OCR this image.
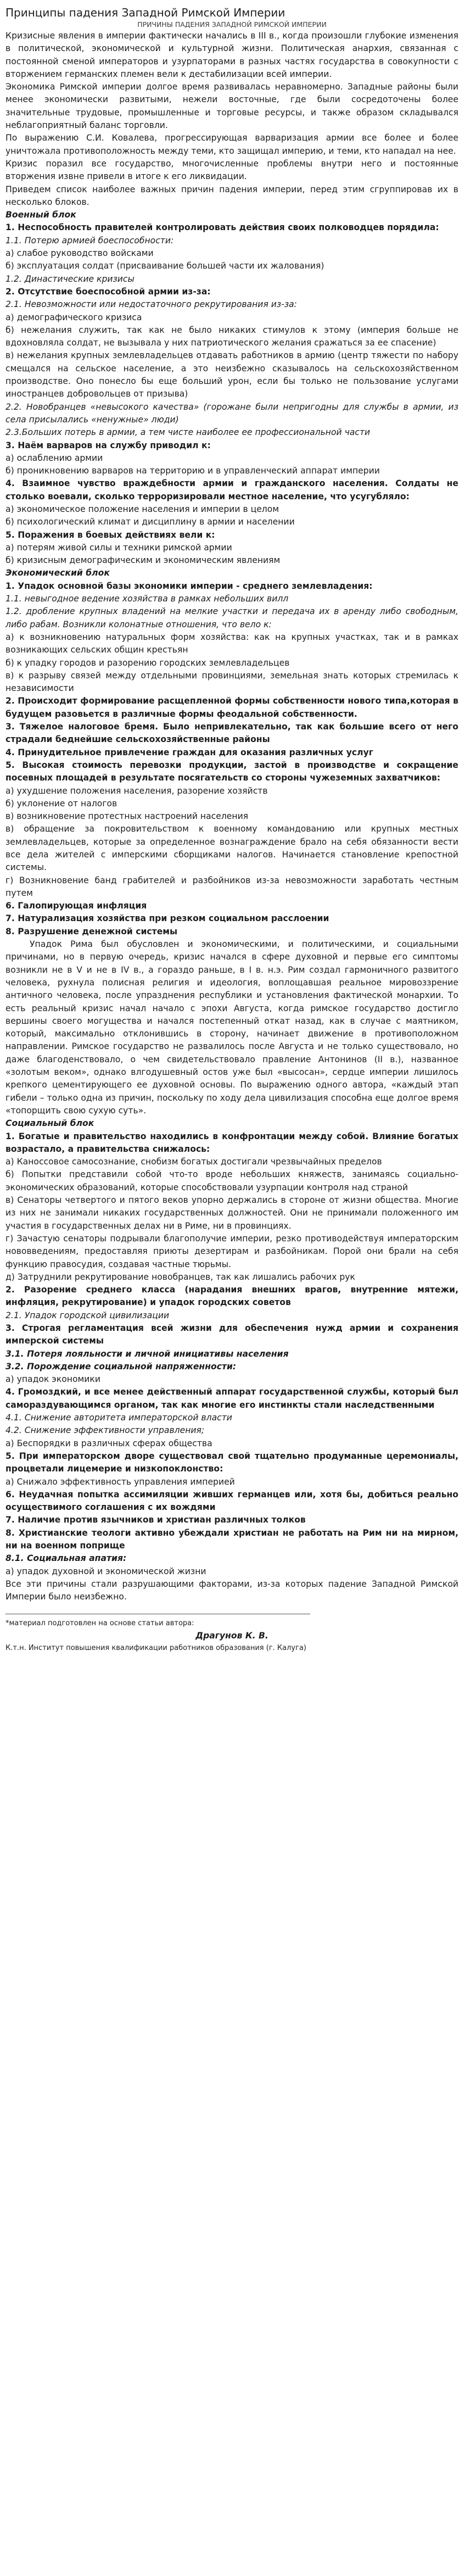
Принципы падения Западной Римской Империи

ПРИЧИНЫ ПАДЕНИЯ ЗАПАДНОЙ РИМСКОЙ ИМПЕРИИ

Кризисные явления в империи фактически начались в III в., когда произошли глубокие изменения в политической, экономической и культурной жизни. Политическая анархия, связанная с постоянной сменой императоров и узурпаторами в разных частях государства в совокупности с вторжением германских племен вели к дестабилизации всей империи.

Экономика Римской империи долгое время развивалась неравномерно. Западные районы были менее экономически развитыми, нежели восточные, где были сосредоточены более значительные трудовые, промышленные и торговые ресурсы, и также образом складывался неблагоприятный баланс торговли.

По выражению С.И. Ковалева, прогрессирующая варваризация армии все более и более уничтожала противоположность между теми, кто защищал империю, и теми, кто нападал на нее.

Кризис поразил все государство, многочисленные проблемы внутри него и постоянные вторжения извне привели в итоге к его ликвидации.

Приведем список наиболее важных причин падения империи, перед этим сгруппировав их в несколько блоков.

Военный блок

1. Неспособность правителей контролировать действия своих полководцев порядила:

1.1. Потерю армией боеспособности:

а) слабое руководство войсками

б) эксплуатация солдат (присваивание большей части их жалования)

1.2. Династические кризисы

2. Отсутствие боеспособной армии из-за:

2.1. Невозможности или недостаточного рекрутирования из-за:

а) демографического кризиса

б) нежелания служить, так как не было никаких стимулов к этому (империя больше не вдохновляла солдат, не вызывала у них патриотического желания сражаться за ее спасение)

в) нежелания крупных землевладельцев отдавать работников в армию (центр тяжести по набору смещался на сельское население, а это неизбежно сказывалось на сельскохозяйственном производстве. Оно понесло бы еще больший урон, если бы только не пользование услугами иностранцев добровольцев от призыва)

2.2. Новобранцев «невысокого качества» (горожане были непригодны для службы в армии, из села присылались «ненужные» люди)

2.3.Больших потерь в армии, а тем чисте наиболее ее профессиональной части

3. Наём варваров на службу приводил к:

а) ослаблению армии

б) проникновению варваров на территорию и в управленческий аппарат империи

4. Взаимное чувство враждебности армии и гражданского населения. Солдаты не столько воевали, сколько терроризировали местное население, что усугубляло:

а) экономическое положение населения и империи в целом

б) психологический климат и дисциплину в армии и населении

5. Поражения в боевых действиях вели к:

а) потерям живой силы и техники римской армии

б) кризисным демографическим и экономическим явлениям

Экономический блок

1. Упадок основной базы экономики империи - среднего землевладения:

1.1. невыгодное ведение хозяйства в рамках небольших вилл

1.2. дробление крупных владений на мелкие участки и передача их в аренду либо свободным, либо рабам. Возникли колонатные отношения, что вело к:

а) к возникновению натуральных форм хозяйства: как на крупных участках, так и в рамках возникающих сельских общин крестьян

б) к упадку городов и разорению городских землевладельцев

в) к разрыву связей между отдельными провинциями, земельная знать которых стремилась к независимости

2. Происходит формирование расщепленной формы собственности нового типа,которая в будущем разовьется в различные формы феодальной собственности.

3. Тяжелое налоговое бремя. Было непривлекательно, так как большие всего от него страдали беднейшие сельскохозяйственные районы

4. Принудительное привлечение граждан для оказания различных услуг

5. Высокая стоимость перевозки продукции, застой в производстве и сокращение посевных площадей в результате посягательств со стороны чужеземных захватчиков:

а) ухудшение положения населения, разорение хозяйств

б) уклонение от налогов

в) возникновение протестных настроений населения

в) обращение за покровительством к военному командованию или крупных местных землевладельцев, которые за определенное вознаграждение брало на себя обязанности вести все дела жителей с имперскими сборщиками налогов. Начинается становление крепостной системы.

г) Возникновение банд грабителей и разбойников из-за невозможности заработать честным путем

6. Галопирующая инфляция

7. Натурализация хозяйства при резком социальном расслоении

8. Разрушение денежной системы

Упадок Рима был обусловлен и экономическими, и политическими, и социальными причинами, но в первую очередь, кризис начался в сфере духовной и первые его симптомы возникли не в V и не в IV в., а гораздо раньше, в I в. н.э. Рим создал гармоничного развитого человека, рухнула полисная религия и идеология, воплощавшая реальное мировоззрение античного человека, после упразднения республики и установления фактической монархии. То есть реальный кризис начал начало с эпохи Августа, когда римское государство достигло вершины своего могущества и начался постепенный откат назад, как в случае с маятником, который, максимально отклонившись в сторону, начинает движение в противоположном направлении. Римское государство не развалилось после Августа и не только существовало, но даже благоденствовало, о чем свидетельствовало правление Антонинов (II в.), названное «золотым веком», однако влгодушевный остов уже был «высосан», сердце империи лишилось крепкого цементирующего ее духовной основы. По выражению одного автора, «каждый этап гибели – только одна из причин, поскольку по ходу дела цивилизация способна еще долгое время «топорщить свою сухую суть».

Социальный блок

1. Богатые и правительство находились в конфронтации между собой. Влияние богатых возрастало, а правительства снижалось:

а) Каноссовое самосознание, снобизм богатых достигали чрезвычайных пределов

б) Попытки представили собой что-то вроде небольших княжеств, занимаясь социально-экономических образований, которые способствовали узурпации контроля над страной

в) Сенаторы четвертого и пятого веков упорно держались в стороне от жизни общества. Многие из них не занимали никаких государственных должностей. Они не принимали положенного им участия в государственных делах ни в Риме, ни в провинциях.

г) Зачастую сенаторы подрывали благополучие империи, резко противодействуя императорским нововведениям, предоставляя приюты дезертирам и разбойникам. Порой они брали на себя функцию правосудия, создавая частные тюрьмы.

д) Затруднили рекрутирование новобранцев, так как лишались рабочих рук

2. Разорение среднего класса (нарадания внешних врагов, внутренние мятежи, инфляция, рекрутирование) и упадок городских советов

2.1. Упадок городской цивилизации

3. Строгая регламентация всей жизни для обеспечения нужд армии и сохранения имперской системы

3.1. Потеря лояльности и личной инициативы населения

3.2. Порождение социальной напряженности:

а) упадок экономики

4. Громоздкий, и все менее действенный аппарат государственной службы, который был самораздувающимся органом, так как многие его инстинкты стали наследственными

4.1. Снижение авторитета императорской власти

4.2. Снижение эффективности управления;

а) Беспорядки в различных сферах общества

5. При императорском дворе существовал свой тщательно продуманные церемониалы, процветали лицемерие и низкопоклонство:

а) Снижало эффективность управления империей

6. Неудачная попытка ассимиляции живших германцев или, хотя бы, добиться реально осуществимого соглашения с их вождями

7. Наличие против язычников и христиан различных толков

8. Христианские теологи активно убеждали христиан не работать на Рим ни на мирном, ни на военном поприще

8.1. Социальная апатия:

а) упадок духовной и экономической жизни

Все эти причины стали разрушающими факторами, из-за которых падение Западной Римской Империи было неизбежно.

*материал подготовлен на основе статьи автора:

Драгунов К. В.

К.т.н. Институт повышения квалификации работников образования (г. Калуга)
